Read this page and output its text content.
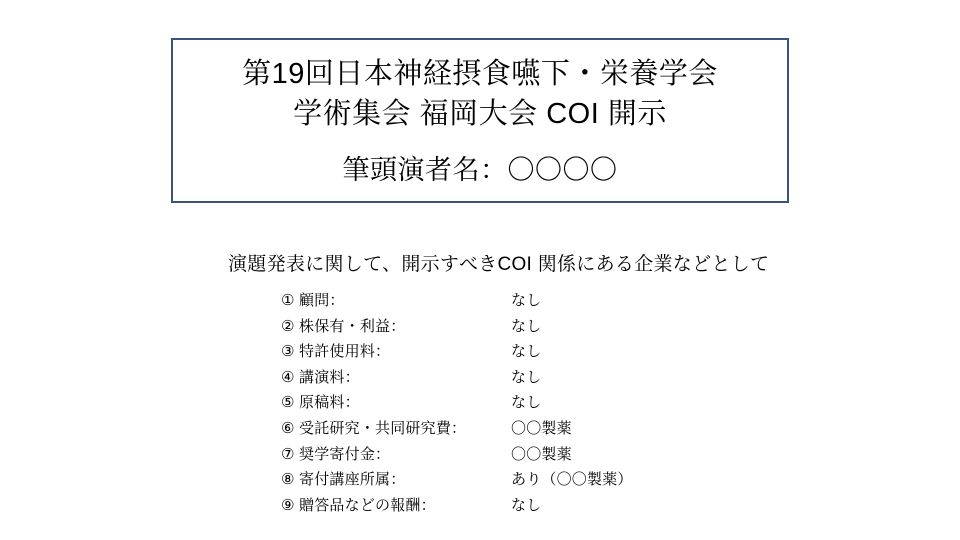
第19回日本神経摂食嚥下・栄養学会
学術集会 福岡大会 COI 開示
筆頭演者名：〇〇〇〇
演題発表に関して、開示すべきCOI 関係にある企業などとして
① 顧問：	なし
② 株保有・利益：	なし
③ 特許使用料：	なし
④ 講演料：	なし
⑤ 原稿料：	なし
⑥ 受託研究・共同研究費：	〇〇製薬
⑦ 奨学寄付金：	〇〇製薬
⑧ 寄付講座所属：	あり（〇〇製薬）
⑨ 贈答品などの報酬：	なし
